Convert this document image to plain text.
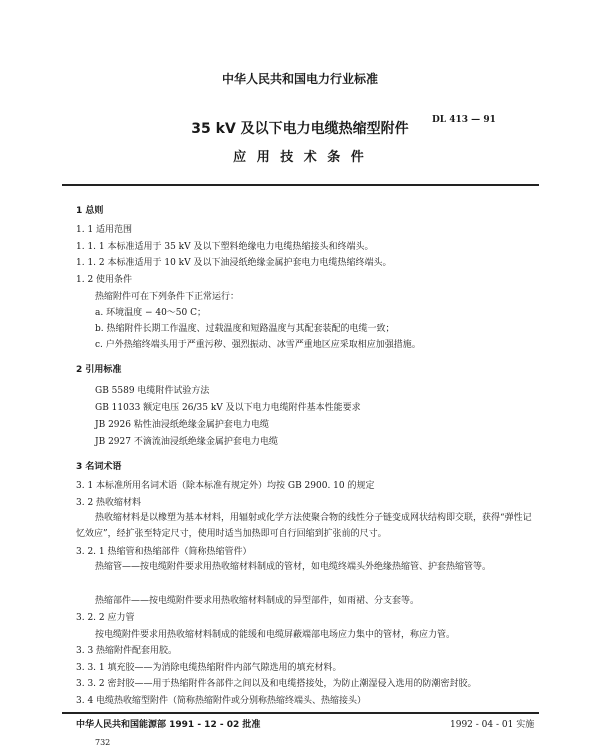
中华人民共和国电力行业标准
35 kV 及以下电力电缆热缩型附件
应 用 技 术 条 件
DL 413 — 91
1 总则
1. 1 适用范围
1. 1. 1 本标准适用于 35 kV 及以下塑料绝缘电力电缆热缩接头和终端头。
1. 1. 2 本标准适用于 10 kV 及以下油浸纸绝缘金属护套电力电缆热缩终端头。
1. 2 使用条件
热缩附件可在下列条件下正常运行：
a. 环境温度 − 40～50 C；
b. 热缩附件长期工作温度、过载温度和短路温度与其配套装配的电缆一致；
c. 户外热缩终端头用于严重污秽、强烈振动、冰雪严重地区应采取相应加强措施。
2 引用标准
GB 5589 电缆附件试验方法
GB 11033 额定电压 26/35 kV 及以下电力电缆附件基本性能要求
JB 2926 粘性油浸纸绝缘金属护套电力电缆
JB 2927 不滴流油浸纸绝缘金属护套电力电缆
3 名词术语
3. 1 本标准所用名词术语（除本标准有规定外）均按 GB 2900. 10 的规定
3. 2 热收缩材料
热收缩材料是以橡塑为基本材料，用辐射或化学方法使聚合物的线性分子链变成网状结构即交联，获得“弹性记忆效应”，经扩张至特定尺寸，使用时适当加热即可自行回缩到扩张前的尺寸。
3. 2. 1 热缩管和热缩部件（简称热缩管件）
热缩管——按电缆附件要求用热收缩材料制成的管材，如电缆终端头外绝缘热缩管、护套热缩管等。
热缩部件——按电缆附件要求用热收缩材料制成的异型部件，如雨裙、分支套等。
3. 2. 2 应力管
按电缆附件要求用热收缩材料制成的能缓和电缆屏蔽端部电场应力集中的管材，称应力管。
3. 3 热缩附件配套用胶。
3. 3. 1 填充胶——为消除电缆热缩附件内部气隙选用的填充材料。
3. 3. 2 密封胶——用于热缩附件各部件之间以及和电缆搭接处，为防止潮湿侵入选用的防潮密封胶。
3. 4 电缆热收缩型附件（简称热缩附件或分别称热缩终端头、热缩接头）
中华人民共和国能源部 1991 - 12 - 02 批准	1992 - 04 - 01 实施
732
